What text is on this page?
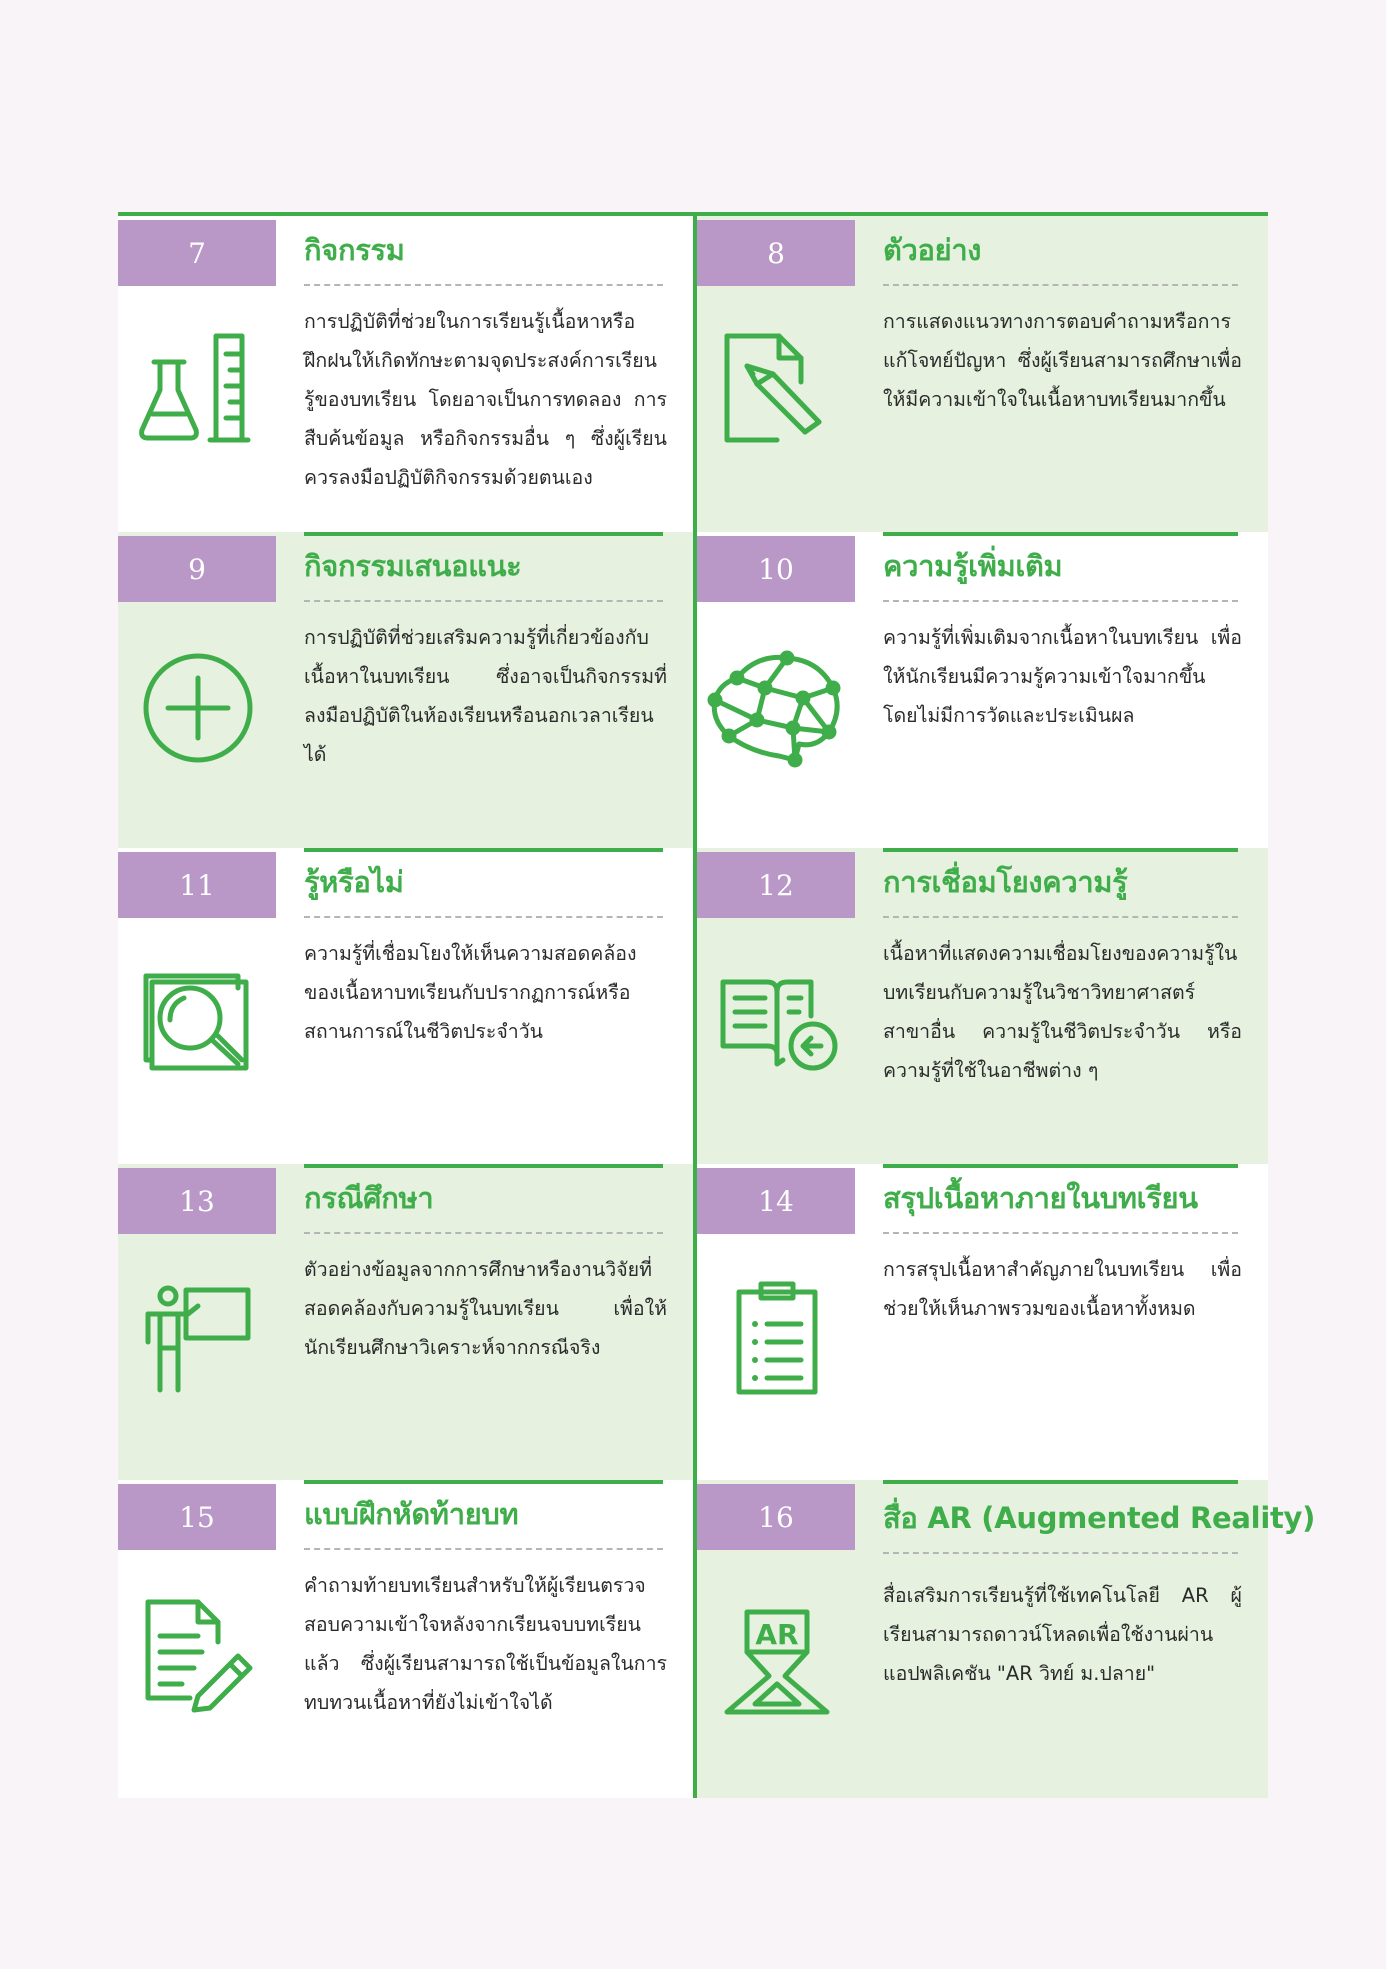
7	กิจกรรม
การปฏิบัติที่ช่วยในการเรียนรู้เนื้อหาหรือฝึกฝนให้เกิดทักษะตามจุดประสงค์การเรียนรู้ของบทเรียน โดยอาจเป็นการทดลอง การสืบค้นข้อมูล หรือกิจกรรมอื่น ๆ ซึ่งผู้เรียนควรลงมือปฏิบัติกิจกรรมด้วยตนเอง
8	ตัวอย่าง
การแสดงแนวทางการตอบคำถามหรือการแก้โจทย์ปัญหา ซึ่งผู้เรียนสามารถศึกษาเพื่อให้มีความเข้าใจในเนื้อหาบทเรียนมากขึ้น
9	กิจกรรมเสนอแนะ
การปฏิบัติที่ช่วยเสริมความรู้ที่เกี่ยวข้องกับเนื้อหาในบทเรียน ซึ่งอาจเป็นกิจกรรมที่ลงมือปฏิบัติในห้องเรียนหรือนอกเวลาเรียนได้
10	ความรู้เพิ่มเติม
ความรู้ที่เพิ่มเติมจากเนื้อหาในบทเรียน เพื่อให้นักเรียนมีความรู้ความเข้าใจมากขึ้น โดยไม่มีการวัดและประเมินผล
11	รู้หรือไม่
ความรู้ที่เชื่อมโยงให้เห็นความสอดคล้องของเนื้อหาบทเรียนกับปรากฏการณ์หรือสถานการณ์ในชีวิตประจำวัน
12	การเชื่อมโยงความรู้
เนื้อหาที่แสดงความเชื่อมโยงของความรู้ในบทเรียนกับความรู้ในวิชาวิทยาศาสตร์สาขาอื่น ความรู้ในชีวิตประจำวัน หรือความรู้ที่ใช้ในอาชีพต่าง ๆ
13	กรณีศึกษา
ตัวอย่างข้อมูลจากการศึกษาหรืองานวิจัยที่สอดคล้องกับความรู้ในบทเรียน เพื่อให้นักเรียนศึกษาวิเคราะห์จากกรณีจริง
14	สรุปเนื้อหาภายในบทเรียน
การสรุปเนื้อหาสำคัญภายในบทเรียน เพื่อช่วยให้เห็นภาพรวมของเนื้อหาทั้งหมด
15	แบบฝึกหัดท้ายบท
คำถามท้ายบทเรียนสำหรับให้ผู้เรียนตรวจสอบความเข้าใจหลังจากเรียนจบบทเรียนแล้ว ซึ่งผู้เรียนสามารถใช้เป็นข้อมูลในการทบทวนเนื้อหาที่ยังไม่เข้าใจได้
16	สื่อ AR (Augmented Reality)
AR
สื่อเสริมการเรียนรู้ที่ใช้เทคโนโลยี AR ผู้เรียนสามารถดาวน์โหลดเพื่อใช้งานผ่านแอปพลิเคชัน "AR วิทย์ ม.ปลาย"
